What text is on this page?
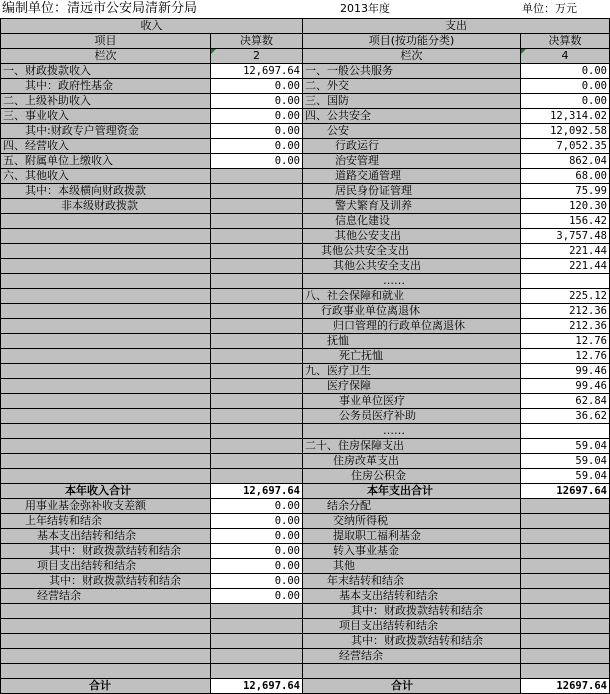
编制单位：清远市公安局清新分局	2013年度	单位：万元
收入		支出	
项目	决算数	项目(按功能分类)	决算数
栏次	2	栏次	4
一、财政拨款收入	12,697.64	一、一般公共服务	0.00
其中：政府性基金	0.00	二、外交	0.00
二、上级补助收入	0.00	三、国防	0.00
三、事业收入	0.00	四、公共安全	12,314.02
其中:财政专户管理资金	0.00	公安	12,092.58
四、经营收入	0.00	行政运行	7,052.35
五、附属单位上缴收入	0.00	治安管理	862.04
六、其他收入		道路交通管理	68.00
其中：本级横向财政拨款		居民身份证管理	75.99
非本级财政拨款		警犬繁育及训养	120.30
		信息化建设	156.42
		其他公安支出	3,757.48
		其他公共安全支出	221.44
		其他公共安全支出	221.44
		……	
		八、社会保障和就业	225.12
		行政事业单位离退休	212.36
		归口管理的行政单位离退休	212.36
		抚恤	12.76
		死亡抚恤	12.76
		九、医疗卫生	99.46
		医疗保障	99.46
		事业单位医疗	62.84
		公务员医疗补助	36.62
		……	
		二十、住房保障支出	59.04
		住房改革支出	59.04
		住房公积金	59.04
本年收入合计	12,697.64	本年支出合计	12697.64
用事业基金弥补收支差额	0.00	结余分配	
上年结转和结余	0.00	交纳所得税	
基本支出结转和结余	0.00	提取职工福利基金	
其中：财政拨款结转和结余	0.00	转入事业基金	
项目支出结转和结余	0.00	其他	
其中：财政拨款结转和结余	0.00	年末结转和结余	
经营结余	0.00	基本支出结转和结余	
		其中：财政拨款结转和结余	
		项目支出结转和结余	
		其中：财政拨款结转和结余	
		经营结余	

合计	12,697.64	合计	12697.64
